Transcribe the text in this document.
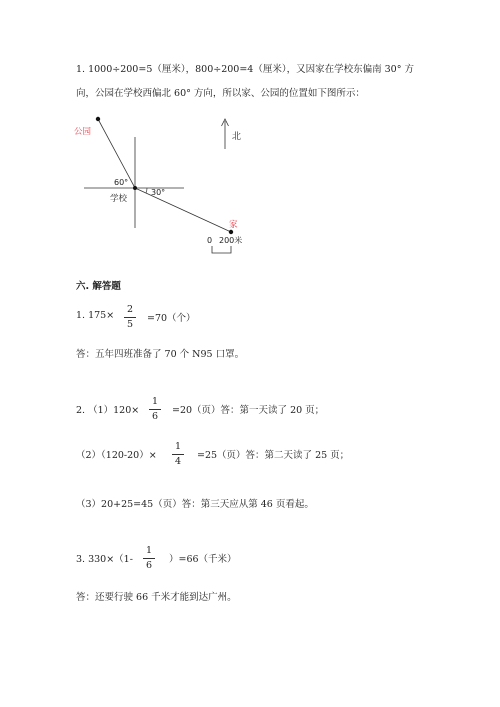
1. 1000÷200=5（厘米），800÷200=4（厘米），又因家在学校东偏南 30° 方
向，公园在学校西偏北 60° 方向，所以家、公园的位置如下图所示：
北
公园
学校
家
60°
30°
0 200米
六. 解答题
1. 175×
2
5
=70（个）
答：五年四班准备了 70 个 N95 口罩。
2. （1）120×
1
6
=20（页）答：第一天读了 20 页；
（2）（120-20）×
1
4
=25（页）答：第二天读了 25 页；
（3）20+25=45（页）答：第三天应从第 46 页看起。
3. 330×（1-
1
6
）=66（千米）
答：还要行驶 66 千米才能到达广州。
